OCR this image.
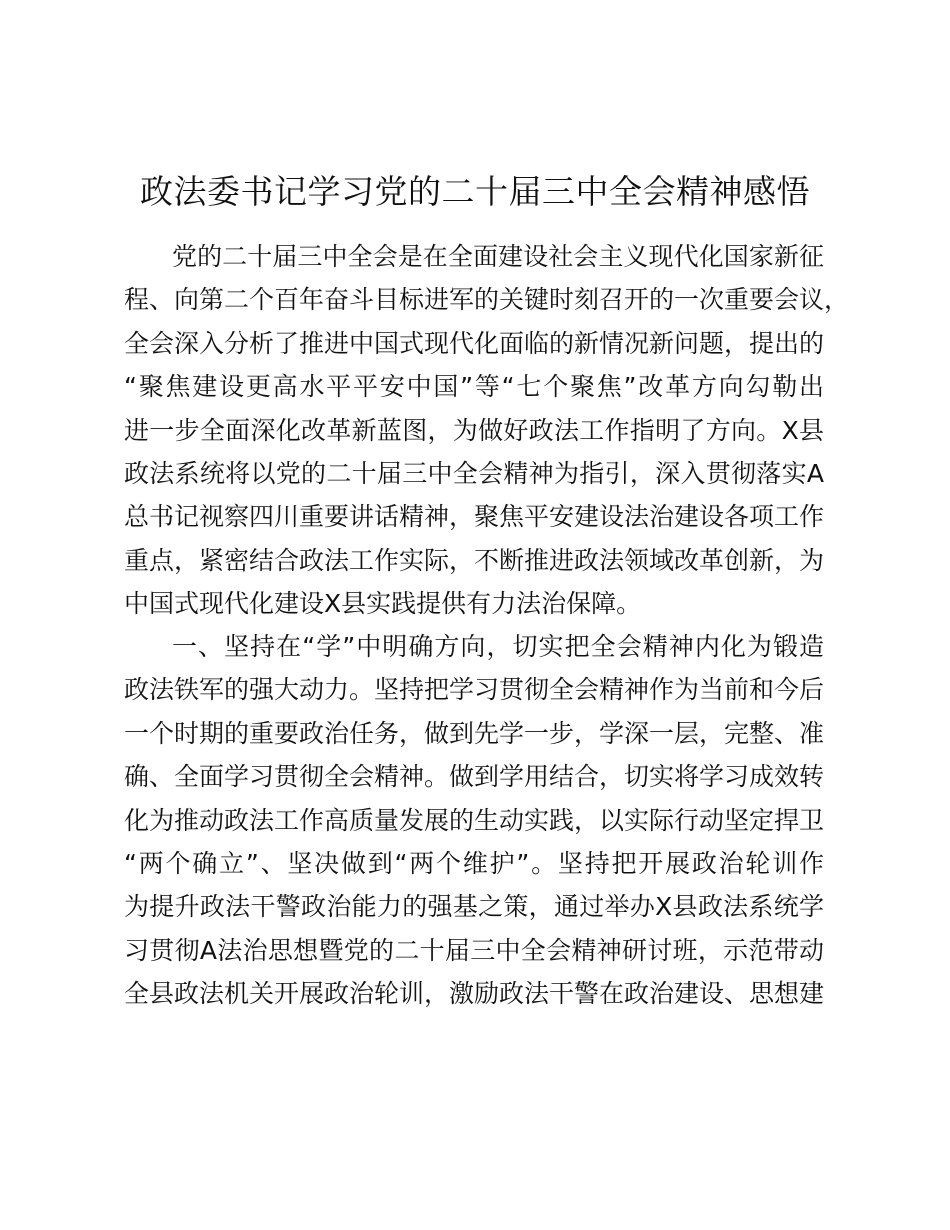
政法委书记学习党的二十届三中全会精神感悟
党的二十届三中全会是在全面建设社会主义现代化国家新征
程、向第二个百年奋斗目标进军的关键时刻召开的一次重要会议，
全会深入分析了推进中国式现代化面临的新情况新问题，提出的
“聚焦建设更高水平平安中国”等“七个聚焦”改革方向勾勒出
进一步全面深化改革新蓝图，为做好政法工作指明了方向。X县
政法系统将以党的二十届三中全会精神为指引，深入贯彻落实A
总书记视察四川重要讲话精神，聚焦平安建设法治建设各项工作
重点，紧密结合政法工作实际，不断推进政法领域改革创新，为
中国式现代化建设X县实践提供有力法治保障。
一、坚持在“学”中明确方向，切实把全会精神内化为锻造
政法铁军的强大动力。坚持把学习贯彻全会精神作为当前和今后
一个时期的重要政治任务，做到先学一步，学深一层，完整、准
确、全面学习贯彻全会精神。做到学用结合，切实将学习成效转
化为推动政法工作高质量发展的生动实践，以实际行动坚定捍卫
“两个确立”、坚决做到“两个维护”。坚持把开展政治轮训作
为提升政法干警政治能力的强基之策，通过举办X县政法系统学
习贯彻A法治思想暨党的二十届三中全会精神研讨班，示范带动
全县政法机关开展政治轮训，激励政法干警在政治建设、思想建
